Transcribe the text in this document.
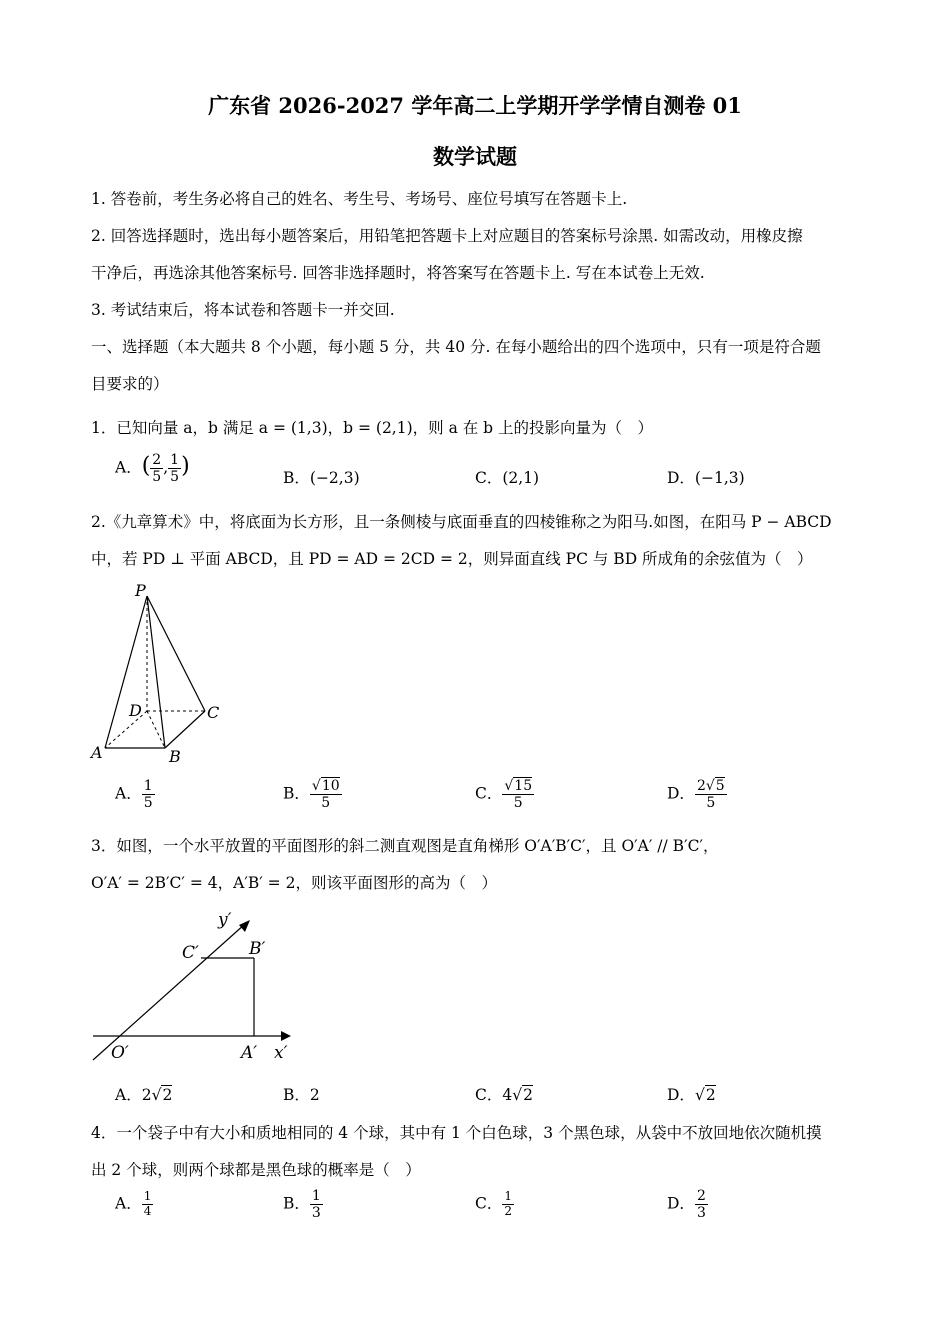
广东省 2026-2027 学年高二上学期开学学情自测卷 01
数学试题
1. 答卷前，考生务必将自己的姓名、考生号、考场号、座位号填写在答题卡上.
2. 回答选择题时，选出每小题答案后，用铅笔把答题卡上对应题目的答案标号涂黑. 如需改动，用橡皮擦
干净后，再选涂其他答案标号. 回答非选择题时，将答案写在答题卡上. 写在本试卷上无效.
3. 考试结束后，将本试卷和答题卡一并交回.
一、选择题（本大题共 8 个小题，每小题 5 分，共 40 分. 在每小题给出的四个选项中，只有一项是符合题
目要求的）
1．已知向量 a，b 满足 a = (1,3)，b = (2,1)，则 a 在 b 上的投影向量为（　）
A．( $\frac{2}{5}$ , $\frac{1}{5}$ )	B．(−2,3)	C．(2,1)	D．(−1,3)
2.《九章算术》中，将底面为长方形，且一条侧棱与底面垂直的四棱锥称之为阳马.如图，在阳马 P − ABCD
中，若 PD ⊥ 平面 ABCD，且 PD = AD = 2CD = 2，则异面直线 PC 与 BD 所成角的余弦值为（　）
P
D	C
A	B
A． $\frac{1}{5}$	B． $\frac{√10}{5}$	C． $\frac{√15}{5}$	D． $\frac{2√5}{5}$
3．如图，一个水平放置的平面图形的斜二测直观图是直角梯形 O′A′B′C′，且 O′A′ // B′C′，
O′A′ = 2B′C′ = 4，A′B′ = 2，则该平面图形的高为（　）
y′
C′	B′
O′	A′ x′
A．2√2	B．2	C．4√2	D．√2
4．一个袋子中有大小和质地相同的 4 个球，其中有 1 个白色球，3 个黑色球，从袋中不放回地依次随机摸
出 2 个球，则两个球都是黑色球的概率是（　）
A． $\frac{1}{4}$	B． $\frac{1}{3}$	C． $\frac{1}{2}$	D． $\frac{2}{3}$
